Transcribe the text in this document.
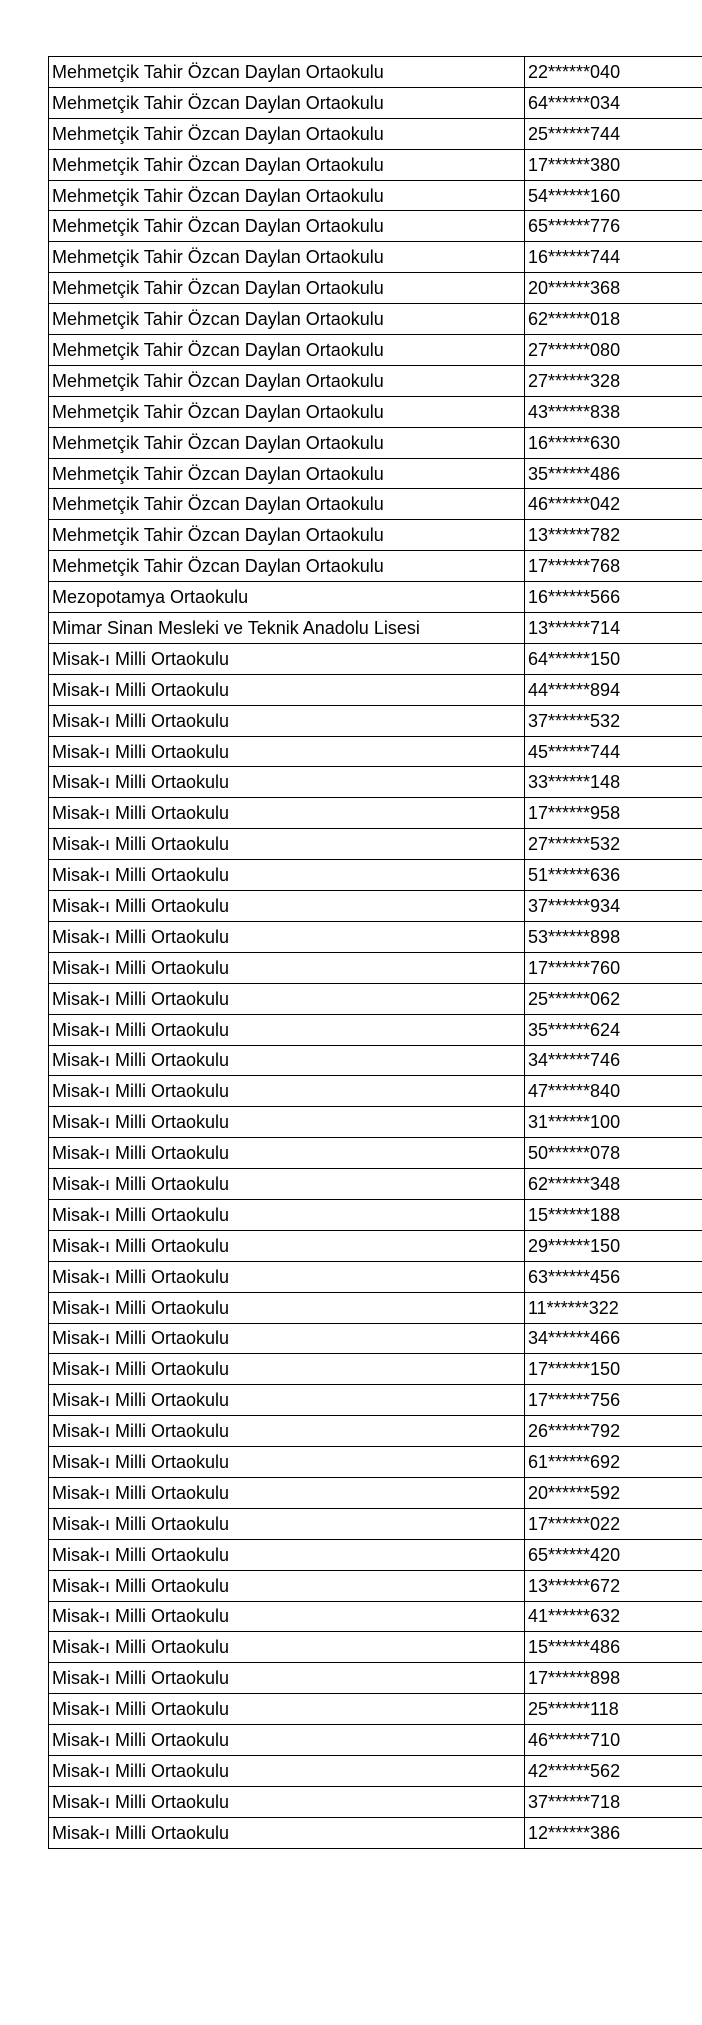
Mehmetçik Tahir Özcan Daylan Ortaokulu	22******040
Mehmetçik Tahir Özcan Daylan Ortaokulu	64******034
Mehmetçik Tahir Özcan Daylan Ortaokulu	25******744
Mehmetçik Tahir Özcan Daylan Ortaokulu	17******380
Mehmetçik Tahir Özcan Daylan Ortaokulu	54******160
Mehmetçik Tahir Özcan Daylan Ortaokulu	65******776
Mehmetçik Tahir Özcan Daylan Ortaokulu	16******744
Mehmetçik Tahir Özcan Daylan Ortaokulu	20******368
Mehmetçik Tahir Özcan Daylan Ortaokulu	62******018
Mehmetçik Tahir Özcan Daylan Ortaokulu	27******080
Mehmetçik Tahir Özcan Daylan Ortaokulu	27******328
Mehmetçik Tahir Özcan Daylan Ortaokulu	43******838
Mehmetçik Tahir Özcan Daylan Ortaokulu	16******630
Mehmetçik Tahir Özcan Daylan Ortaokulu	35******486
Mehmetçik Tahir Özcan Daylan Ortaokulu	46******042
Mehmetçik Tahir Özcan Daylan Ortaokulu	13******782
Mehmetçik Tahir Özcan Daylan Ortaokulu	17******768
Mezopotamya Ortaokulu	16******566
Mimar Sinan Mesleki ve Teknik Anadolu Lisesi	13******714
Misak-ı Milli Ortaokulu	64******150
Misak-ı Milli Ortaokulu	44******894
Misak-ı Milli Ortaokulu	37******532
Misak-ı Milli Ortaokulu	45******744
Misak-ı Milli Ortaokulu	33******148
Misak-ı Milli Ortaokulu	17******958
Misak-ı Milli Ortaokulu	27******532
Misak-ı Milli Ortaokulu	51******636
Misak-ı Milli Ortaokulu	37******934
Misak-ı Milli Ortaokulu	53******898
Misak-ı Milli Ortaokulu	17******760
Misak-ı Milli Ortaokulu	25******062
Misak-ı Milli Ortaokulu	35******624
Misak-ı Milli Ortaokulu	34******746
Misak-ı Milli Ortaokulu	47******840
Misak-ı Milli Ortaokulu	31******100
Misak-ı Milli Ortaokulu	50******078
Misak-ı Milli Ortaokulu	62******348
Misak-ı Milli Ortaokulu	15******188
Misak-ı Milli Ortaokulu	29******150
Misak-ı Milli Ortaokulu	63******456
Misak-ı Milli Ortaokulu	11******322
Misak-ı Milli Ortaokulu	34******466
Misak-ı Milli Ortaokulu	17******150
Misak-ı Milli Ortaokulu	17******756
Misak-ı Milli Ortaokulu	26******792
Misak-ı Milli Ortaokulu	61******692
Misak-ı Milli Ortaokulu	20******592
Misak-ı Milli Ortaokulu	17******022
Misak-ı Milli Ortaokulu	65******420
Misak-ı Milli Ortaokulu	13******672
Misak-ı Milli Ortaokulu	41******632
Misak-ı Milli Ortaokulu	15******486
Misak-ı Milli Ortaokulu	17******898
Misak-ı Milli Ortaokulu	25******118
Misak-ı Milli Ortaokulu	46******710
Misak-ı Milli Ortaokulu	42******562
Misak-ı Milli Ortaokulu	37******718
Misak-ı Milli Ortaokulu	12******386
